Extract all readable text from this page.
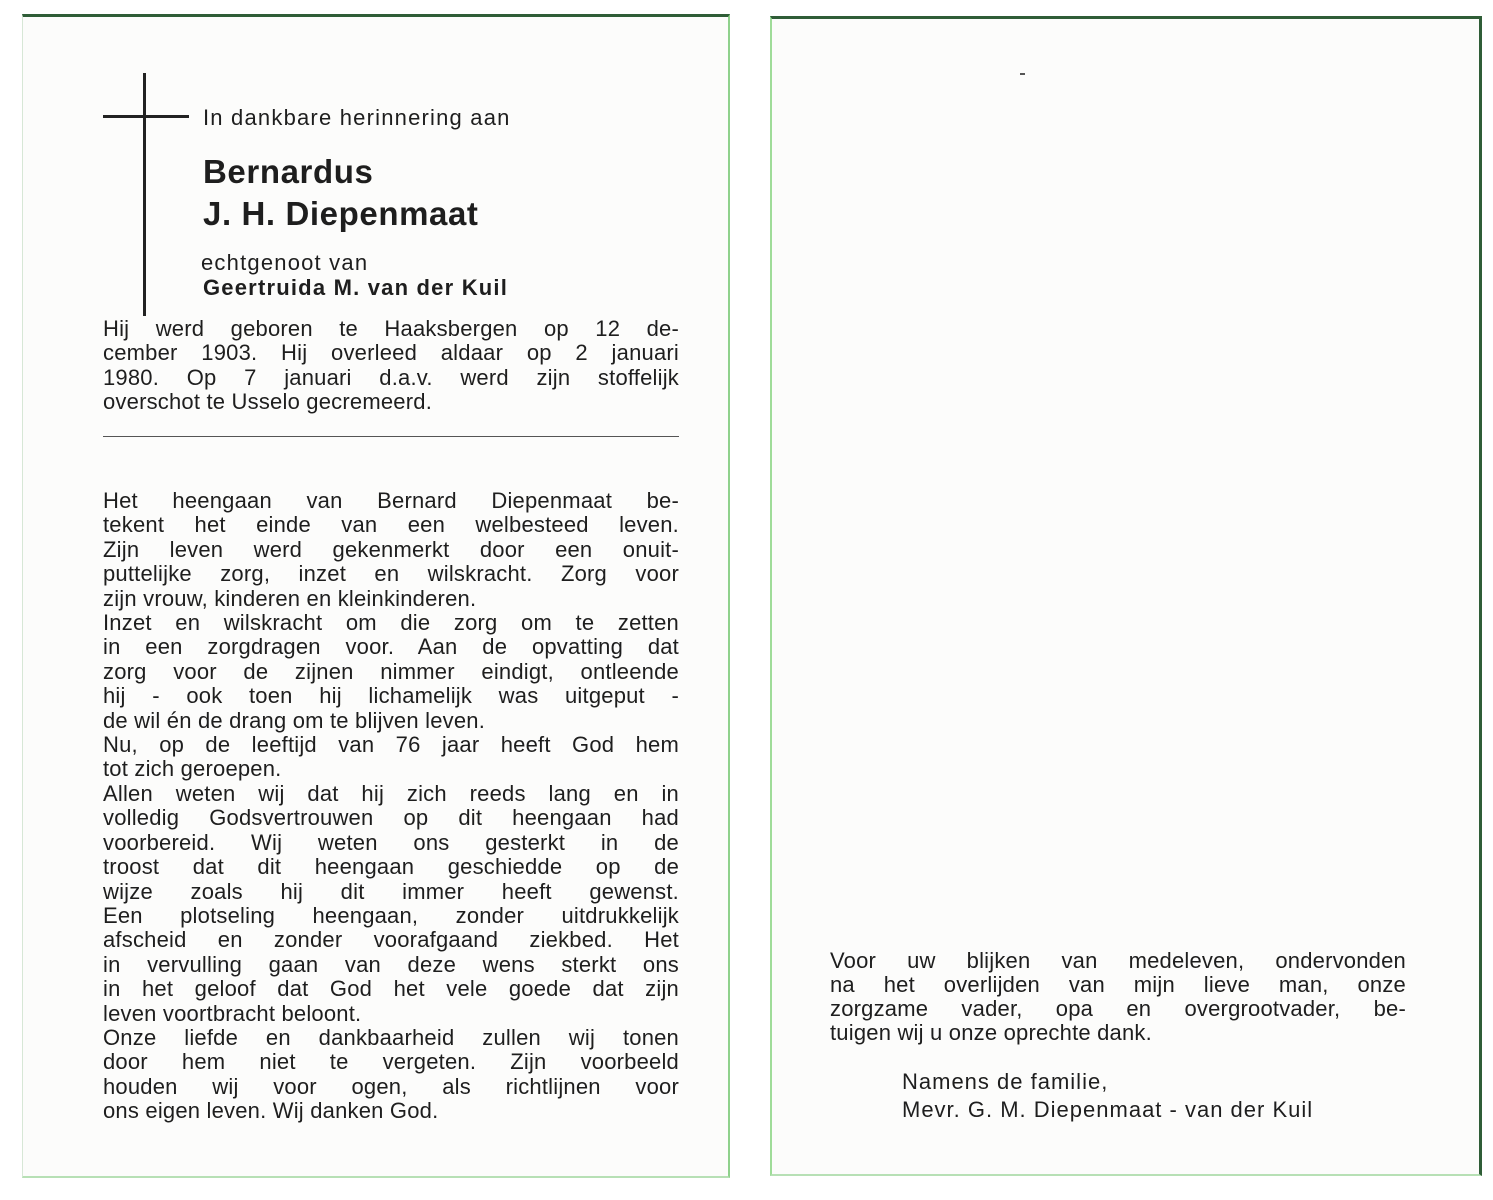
In dankbare herinnering aan
Bernardus
J. H. Diepenmaat
echtgenoot van
Geertruida M. van der Kuil
Hij werd geboren te Haaksbergen op 12 de-
cember 1903. Hij overleed aldaar op 2 januari
1980. Op 7 januari d.a.v. werd zijn stoffelijk
overschot te Usselo gecremeerd.
Het heengaan van Bernard Diepenmaat be-
tekent het einde van een welbesteed leven.
Zijn leven werd gekenmerkt door een onuit-
puttelijke zorg, inzet en wilskracht. Zorg voor
zijn vrouw, kinderen en kleinkinderen.
Inzet en wilskracht om die zorg om te zetten
in een zorgdragen voor. Aan de opvatting dat
zorg voor de zijnen nimmer eindigt, ontleende
hij - ook toen hij lichamelijk was uitgeput -
de wil én de drang om te blijven leven.
Nu, op de leeftijd van 76 jaar heeft God hem
tot zich geroepen.
Allen weten wij dat hij zich reeds lang en in
volledig Godsvertrouwen op dit heengaan had
voorbereid. Wij weten ons gesterkt in de
troost dat dit heengaan geschiedde op de
wijze zoals hij dit immer heeft gewenst.
Een plotseling heengaan, zonder uitdrukkelijk
afscheid en zonder voorafgaand ziekbed. Het
in vervulling gaan van deze wens sterkt ons
in het geloof dat God het vele goede dat zijn
leven voortbracht beloont.
Onze liefde en dankbaarheid zullen wij tonen
door hem niet te vergeten. Zijn voorbeeld
houden wij voor ogen, als richtlijnen voor
ons eigen leven. Wij danken God.
Voor uw blijken van medeleven, ondervonden
na het overlijden van mijn lieve man, onze
zorgzame vader, opa en overgrootvader, be-
tuigen wij u onze oprechte dank.
Namens de familie,
Mevr. G. M. Diepenmaat - van der Kuil
